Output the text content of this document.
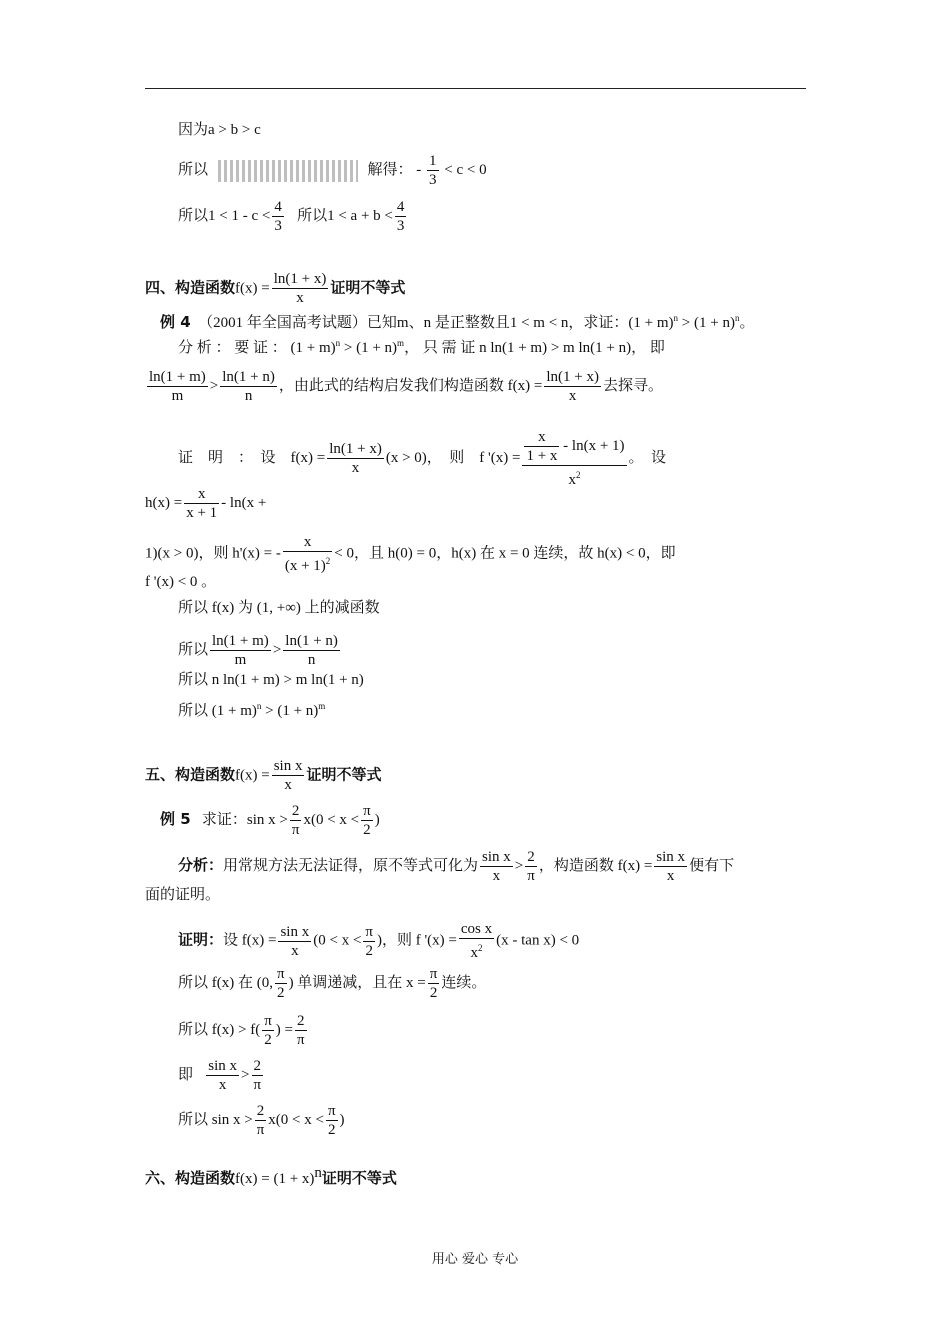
因为a > b > c
所以	解得： - $\frac{1}{3} < c < 0$
所以$1 < 1 - c < \frac{4}{3}$ 所以$1 < a + b < \frac{4}{3}$
四、构造函数$f(x) = \frac{\ln(1 + x)}{x}$ 证明不等式
例 4 （2001 年全国高考试题）已知m、n 是正整数且1 < m < n，求证：$(1 + m)^n > (1 + n)^n$。
分 析 ： 要 证 ： $(1 + m)^n > (1 + n)^m$， 只 需 证 n ln(1 + m) > m ln(1 + n)， 即
$\frac{\ln(1 + m)}{m} > \frac{\ln(1 + n)}{n}$ ，由此式的结构启发我们构造函数 $f(x) = \frac{\ln(1 + x)}{x}$ 去探寻。
证　明　：　设　$f(x) = \frac{\ln(1 + x)}{x} (x > 0)$，　则　f '$(x) = \frac{\frac{x}{1 + x} - \ln(x + 1)}{x^2}$ 。　设
$h(x) = \frac{x}{x + 1} - \ln(x$ +
1)(x > 0)，则 h'(x) = - $\frac{x}{(x + 1)^2} < 0$，且 h(0) = 0，h(x) 在 x = 0 连续，故 h(x) < 0，即
f '(x) < 0 。
所以 f(x) 为 (1, +∞) 上的减函数
所以 $\frac{\ln(1 + m)}{m} > \frac{\ln(1 + n)}{n}$
所以 n ln(1 + m) > m ln(1 + n)
所以 $(1 + m)^n > (1 + n)^m$
五、构造函数$f(x) = \frac{\text{sin x}}{x}$ 证明不等式
例 5 求证：$\sin x > \frac{2}{\pi} x(0 < x < \frac{\pi}{2}$ )
分析：用常规方法无法证得，原不等式可化为 $\frac{\text{sin x}}{x} > \frac{2}{\pi}$ ，构造函数 $f(x) = \frac{\text{sin x}}{x}$ 便有下
面的证明。
证明：设 $f(x) = \frac{\text{sin x}}{x} (0 < x < \frac{\pi}{2}$ )，则 f '$(x) = \frac{\text{cos x}}{x^2} (x - \tan x) < 0$
所以 f(x) 在 (0, $\frac{\pi}{2}$ ) 单调递减，且在 $x = \frac{\pi}{2}$ 连续。
所以 $f(x) > f( \frac{\pi}{2}$ ) = $\frac{2}{\pi}$
即 $\frac{\text{sin x}}{x} > \frac{2}{\pi}$
所以 $\sin x > \frac{2}{\pi} x(0 < x < \frac{\pi}{2}$ )
六、构造函数$f(x) = (1 + x)^n$证明不等式
用心 爱心 专心
